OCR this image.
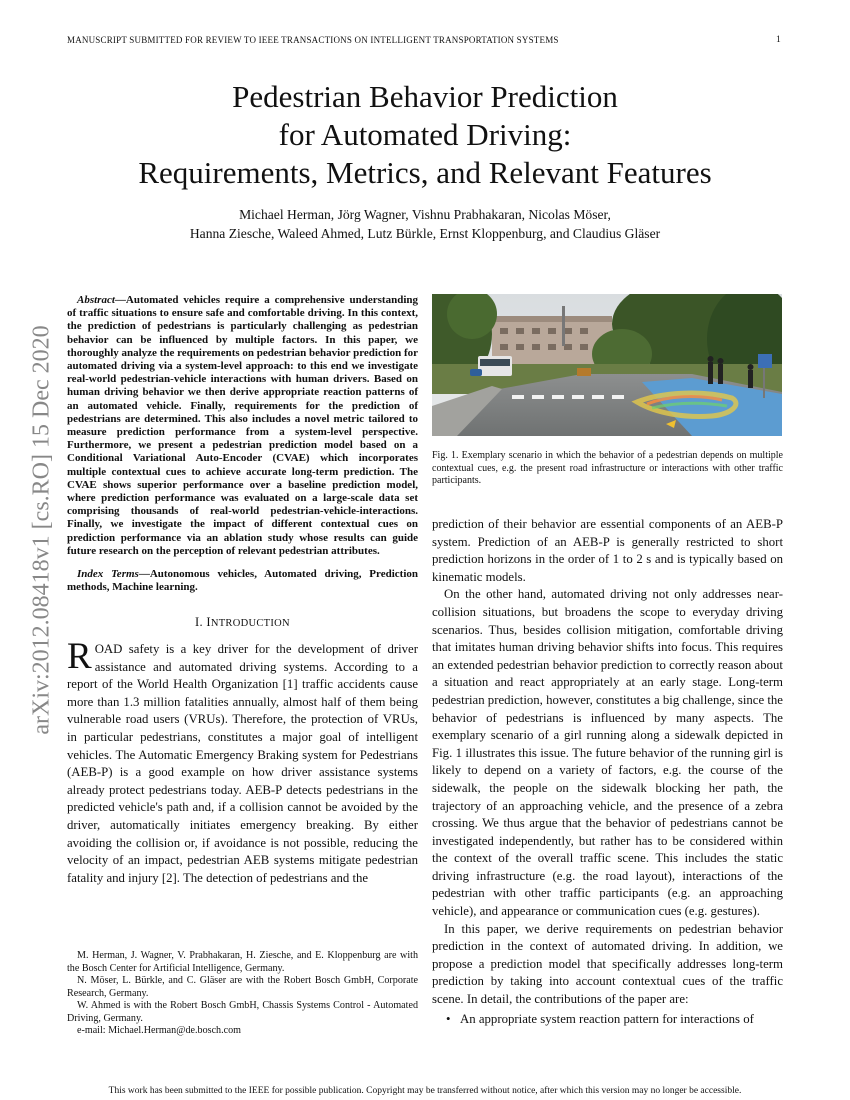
MANUSCRIPT SUBMITTED FOR REVIEW TO IEEE TRANSACTIONS ON INTELLIGENT TRANSPORTATION SYSTEMS	1
arXiv:2012.08418v1 [cs.RO] 15 Dec 2020
Pedestrian Behavior Prediction
for Automated Driving:
Requirements, Metrics, and Relevant Features
Michael Herman, Jörg Wagner, Vishnu Prabhakaran, Nicolas Möser,
Hanna Ziesche, Waleed Ahmed, Lutz Bürkle, Ernst Kloppenburg, and Claudius Gläser

Abstract—Automated vehicles require a comprehensive understanding of traffic situations to ensure safe and comfortable driving. In this context, the prediction of pedestrians is particularly challenging as pedestrian behavior can be influenced by multiple factors. In this paper, we thoroughly analyze the requirements on pedestrian behavior prediction for automated driving via a system-level approach: to this end we investigate real-world pedestrian-vehicle interactions with human drivers. Based on human driving behavior we then derive appropriate reaction patterns of an automated vehicle. Finally, requirements for the prediction of pedestrians are determined. This also includes a novel metric tailored to measure prediction performance from a system-level perspective. Furthermore, we present a pedestrian prediction model based on a Conditional Variational Auto-Encoder (CVAE) which incorporates multiple contextual cues to achieve accurate long-term prediction. The CVAE shows superior performance over a baseline prediction model, where prediction performance was evaluated on a large-scale data set comprising thousands of real-world pedestrian-vehicle-interactions. Finally, we investigate the impact of different contextual cues on prediction performance via an ablation study whose results can guide future research on the perception of relevant pedestrian attributes.

Index Terms—Autonomous vehicles, Automated driving, Prediction methods, Machine learning.

I. INTRODUCTION

ROAD safety is a key driver for the development of driver assistance and automated driving systems. According to a report of the World Health Organization [1] traffic accidents cause more than 1.3 million fatalities annually, almost half of them being vulnerable road users (VRUs). Therefore, the protection of VRUs, in particular pedestrians, constitutes a major goal of intelligent vehicles. The Automatic Emergency Braking system for Pedestrians (AEB-P) is a good example on how driver assistance systems already protect pedestrians today. AEB-P detects pedestrians in the predicted vehicle's path and, if a collision cannot be avoided by the driver, automatically initiates emergency breaking. By either avoiding the collision or, if avoidance is not possible, reducing the velocity of an impact, pedestrian AEB systems mitigate pedestrian fatality and injury [2]. The detection of pedestrians and the

M. Herman, J. Wagner, V. Prabhakaran, H. Ziesche, and E. Kloppenburg are with the Bosch Center for Artificial Intelligence, Germany.

N. Möser, L. Bürkle, and C. Gläser are with the Robert Bosch GmbH, Corporate Research, Germany.

W. Ahmed is with the Robert Bosch GmbH, Chassis Systems Control - Automated Driving, Germany.

e-mail: Michael.Herman@de.bosch.com

Fig. 1. Exemplary scenario in which the behavior of a pedestrian depends on multiple contextual cues, e.g. the present road infrastructure or interactions with other traffic participants.

prediction of their behavior are essential components of an AEB-P system. Prediction of an AEB-P is generally restricted to short prediction horizons in the order of 1 to 2 s and is typically based on kinematic models.

On the other hand, automated driving not only addresses near-collision situations, but broadens the scope to everyday driving scenarios. Thus, besides collision mitigation, comfortable driving that imitates human driving behavior shifts into focus. This requires an extended pedestrian behavior prediction to correctly reason about a situation and react appropriately at an early stage. Long-term pedestrian prediction, however, constitutes a big challenge, since the behavior of pedestrians is influenced by many aspects. The exemplary scenario of a girl running along a sidewalk depicted in Fig. 1 illustrates this issue. The future behavior of the running girl is likely to depend on a variety of factors, e.g. the course of the sidewalk, the people on the sidewalk blocking her path, the trajectory of an approaching vehicle, and the presence of a zebra crossing. We thus argue that the behavior of pedestrians cannot be investigated independently, but rather has to be considered within the context of the overall traffic scene. This includes the static driving infrastructure (e.g. the road layout), interactions of the pedestrian with other traffic participants (e.g. an approaching vehicle), and appearance or communication cues (e.g. gestures).

In this paper, we derive requirements on pedestrian behavior prediction in the context of automated driving. In addition, we propose a prediction model that specifically addresses long-term prediction by taking into account contextual cues of the traffic scene. In detail, the contributions of the paper are:

• An appropriate system reaction pattern for interactions of
This work has been submitted to the IEEE for possible publication. Copyright may be transferred without notice, after which this version may no longer be accessible.
